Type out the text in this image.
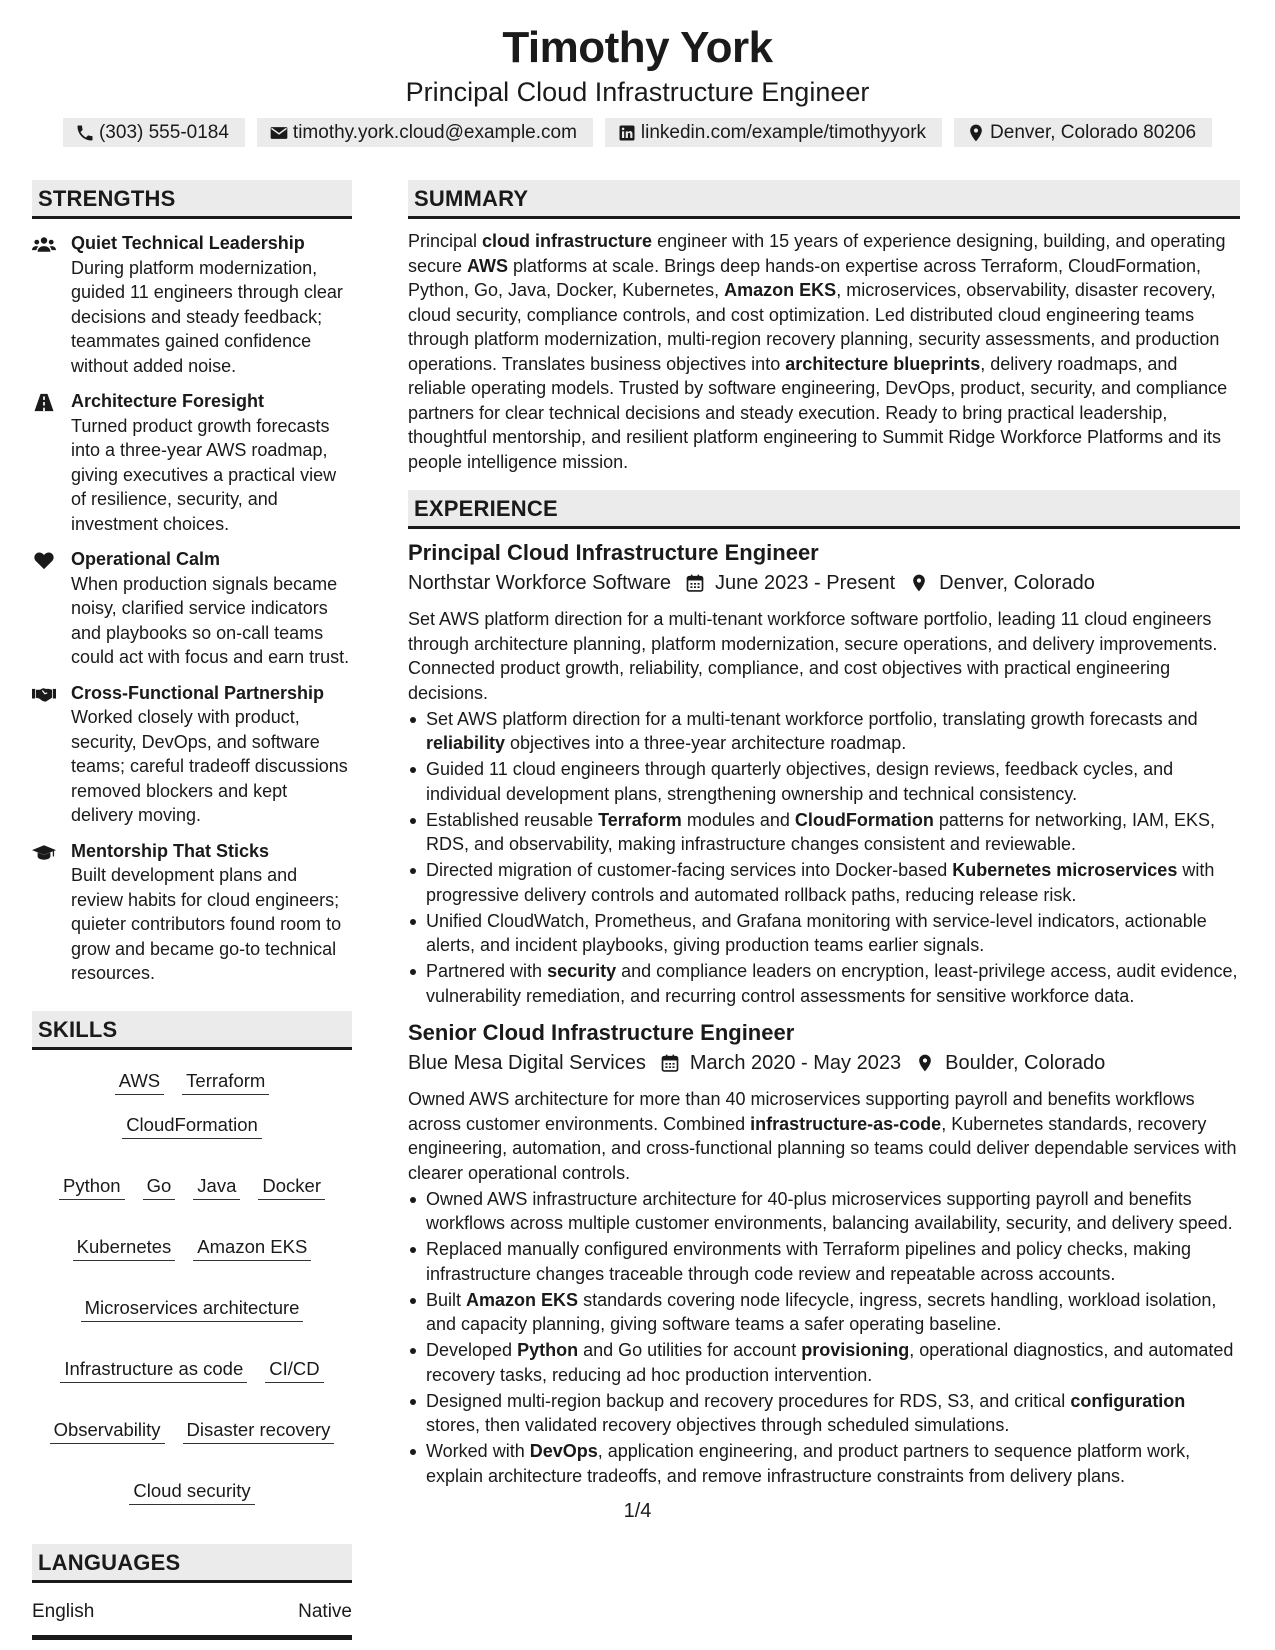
Timothy York
Principal Cloud Infrastructure Engineer
(303) 555-0184	timothy.york.cloud@example.com	linkedin.com/example/timothyyork	Denver, Colorado 80206
STRENGTHS
Quiet Technical Leadership
During platform modernization, guided 11 engineers through clear decisions and steady feedback; teammates gained confidence without added noise.
Architecture Foresight
Turned product growth forecasts into a three-year AWS roadmap, giving executives a practical view of resilience, security, and investment choices.
Operational Calm
When production signals became noisy, clarified service indicators and playbooks so on-call teams could act with focus and earn trust.
Cross-Functional Partnership
Worked closely with product, security, DevOps, and software teams; careful tradeoff discussions removed blockers and kept delivery moving.
Mentorship That Sticks
Built development plans and review habits for cloud engineers; quieter contributors found room to grow and became go-to technical resources.
SKILLS
AWS Terraform
CloudFormation
Python Go Java Docker
Kubernetes Amazon EKS
Microservices architecture
Infrastructure as code CI/CD
Observability Disaster recovery
Cloud security
LANGUAGES
English	Native
SUMMARY
Principal cloud infrastructure engineer with 15 years of experience designing, building, and operating secure AWS platforms at scale. Brings deep hands-on expertise across Terraform, CloudFormation, Python, Go, Java, Docker, Kubernetes, Amazon EKS, microservices, observability, disaster recovery, cloud security, compliance controls, and cost optimization. Led distributed cloud engineering teams through platform modernization, multi-region recovery planning, security assessments, and production operations. Translates business objectives into architecture blueprints, delivery roadmaps, and reliable operating models. Trusted by software engineering, DevOps, product, security, and compliance partners for clear technical decisions and steady execution. Ready to bring practical leadership, thoughtful mentorship, and resilient platform engineering to Summit Ridge Workforce Platforms and its people intelligence mission.
EXPERIENCE
Principal Cloud Infrastructure Engineer
Northstar Workforce Software June 2023 - Present Denver, Colorado
Set AWS platform direction for a multi-tenant workforce software portfolio, leading 11 cloud engineers through architecture planning, platform modernization, secure operations, and delivery improvements. Connected product growth, reliability, compliance, and cost objectives with practical engineering decisions.
Set AWS platform direction for a multi-tenant workforce portfolio, translating growth forecasts and reliability objectives into a three-year architecture roadmap.
Guided 11 cloud engineers through quarterly objectives, design reviews, feedback cycles, and individual development plans, strengthening ownership and technical consistency.
Established reusable Terraform modules and CloudFormation patterns for networking, IAM, EKS, RDS, and observability, making infrastructure changes consistent and reviewable.
Directed migration of customer-facing services into Docker-based Kubernetes microservices with progressive delivery controls and automated rollback paths, reducing release risk.
Unified CloudWatch, Prometheus, and Grafana monitoring with service-level indicators, actionable alerts, and incident playbooks, giving production teams earlier signals.
Partnered with security and compliance leaders on encryption, least-privilege access, audit evidence, vulnerability remediation, and recurring control assessments for sensitive workforce data.
Senior Cloud Infrastructure Engineer
Blue Mesa Digital Services March 2020 - May 2023 Boulder, Colorado
Owned AWS architecture for more than 40 microservices supporting payroll and benefits workflows across customer environments. Combined infrastructure-as-code, Kubernetes standards, recovery engineering, automation, and cross-functional planning so teams could deliver dependable services with clearer operational controls.
Owned AWS infrastructure architecture for 40-plus microservices supporting payroll and benefits workflows across multiple customer environments, balancing availability, security, and delivery speed.
Replaced manually configured environments with Terraform pipelines and policy checks, making infrastructure changes traceable through code review and repeatable across accounts.
Built Amazon EKS standards covering node lifecycle, ingress, secrets handling, workload isolation, and capacity planning, giving software teams a safer operating baseline.
Developed Python and Go utilities for account provisioning, operational diagnostics, and automated recovery tasks, reducing ad hoc production intervention.
Designed multi-region backup and recovery procedures for RDS, S3, and critical configuration stores, then validated recovery objectives through scheduled simulations.
Worked with DevOps, application engineering, and product partners to sequence platform work, explain architecture tradeoffs, and remove infrastructure constraints from delivery plans.
1/4
